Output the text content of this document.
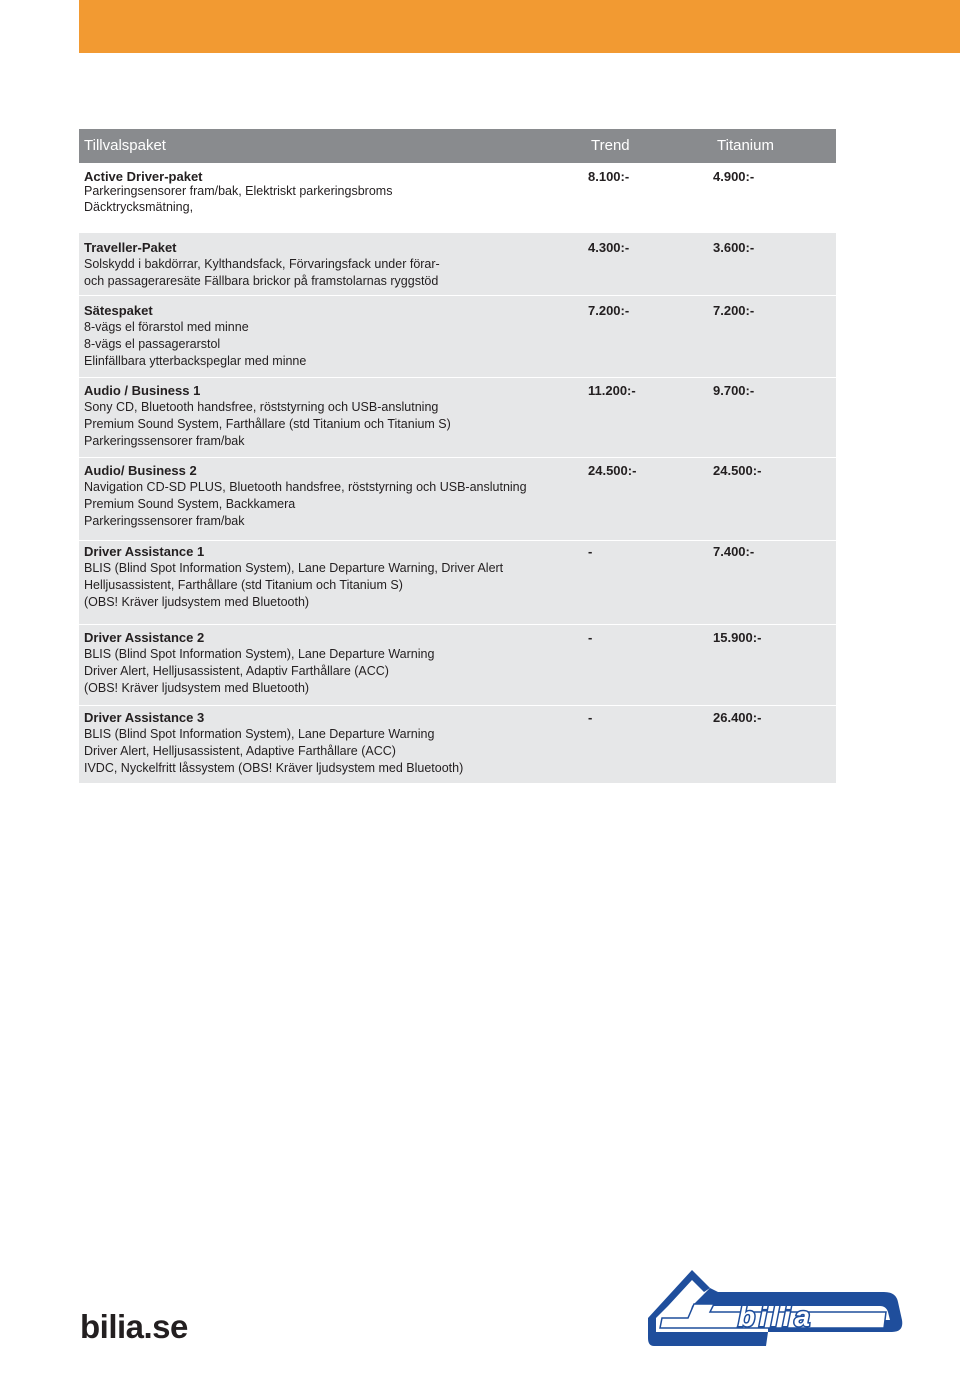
Tillvalspaket	Trend	Titanium
Active Driver-paket
Parkeringsensorer fram/bak, Elektriskt parkeringsbroms
Däcktrycksmätning,
8.100:-	4.900:-
Traveller-Paket
Solskydd i bakdörrar, Kylthandsfack, Förvaringsfack under förar-
och passageraresäte Fällbara brickor på framstolarnas ryggstöd
4.300:-	3.600:-
Sätespaket
8-vägs el förarstol med minne
8-vägs el passagerarstol
Elinfällbara ytterbackspeglar med minne
7.200:-	7.200:-
Audio / Business 1
Sony CD, Bluetooth handsfree, röststyrning och USB-anslutning
Premium Sound System, Farthållare (std Titanium och Titanium S)
Parkeringssensorer fram/bak
11.200:-	9.700:-
Audio/ Business 2
Navigation CD-SD PLUS, Bluetooth handsfree, röststyrning och USB-anslutning
Premium Sound System, Backkamera
Parkeringssensorer fram/bak
24.500:-	24.500:-
Driver Assistance 1
BLIS (Blind Spot Information System), Lane Departure Warning, Driver Alert
Helljusassistent, Farthållare (std Titanium och Titanium S)
(OBS! Kräver ljudsystem med Bluetooth)
-	7.400:-
Driver Assistance 2
BLIS (Blind Spot Information System), Lane Departure Warning
Driver Alert, Helljusassistent, Adaptiv Farthållare (ACC)
(OBS! Kräver ljudsystem med Bluetooth)
-	15.900:-
Driver Assistance 3
BLIS (Blind Spot Information System), Lane Departure Warning
Driver Alert, Helljusassistent, Adaptive Farthållare (ACC)
IVDC, Nyckelfritt låssystem (OBS! Kräver ljudsystem med Bluetooth)
-	26.400:-
bilia.se	bilia
